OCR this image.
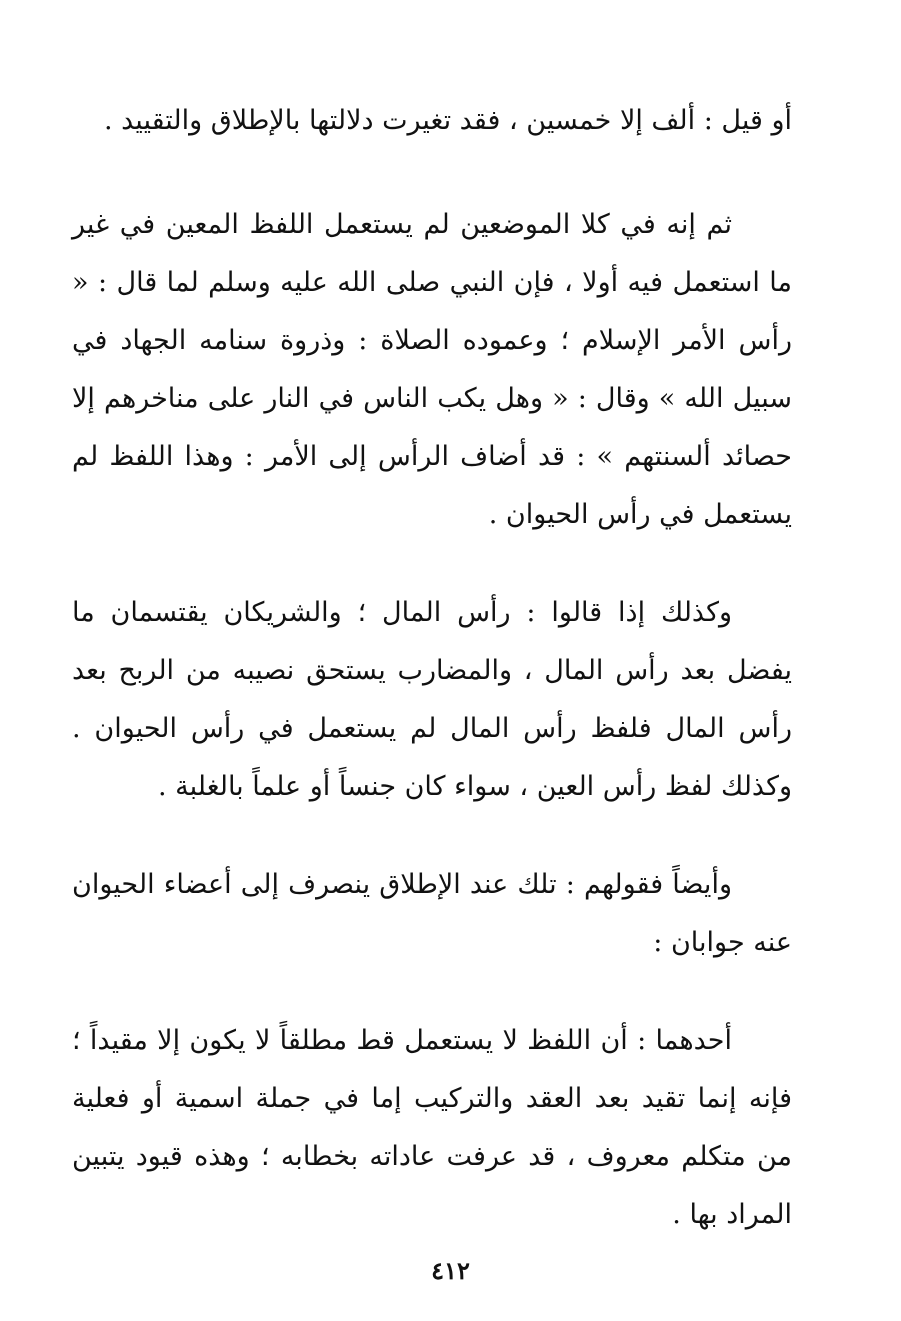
أو قيل : ألف إلا خمسين ، فقد تغيرت دلالتها بالإطلاق والتقييد .

ثم إنه في كلا الموضعين لم يستعمل اللفظ المعين في غير ما استعمل فيه أولا ، فإن النبي صلى الله عليه وسلم لما قال : « رأس الأمر الإسلام ؛ وعموده الصلاة : وذروة سنامه الجهاد في سبيل الله » وقال : « وهل يكب الناس في النار على مناخرهم إلا حصائد ألسنتهم » : قد أضاف الرأس إلى الأمر : وهذا اللفظ لم يستعمل في رأس الحيوان .

وكذلك إذا قالوا : رأس المال ؛ والشريكان يقتسمان ما يفضل بعد رأس المال ، والمضارب يستحق نصيبه من الربح بعد رأس المال فلفظ رأس المال لم يستعمل في رأس الحيوان . وكذلك لفظ رأس العين ، سواء كان جنساً أو علماً بالغلبة .

وأيضاً فقولهم : تلك عند الإطلاق ينصرف إلى أعضاء الحيوان عنه جوابان :

أحدهما : أن اللفظ لا يستعمل قط مطلقاً لا يكون إلا مقيداً ؛ فإنه إنما تقيد بعد العقد والتركيب إما في جملة اسمية أو فعلية من متكلم معروف ، قد عرفت عاداته بخطابه ؛ وهذه قيود يتبين المراد بها .

٤١٢
